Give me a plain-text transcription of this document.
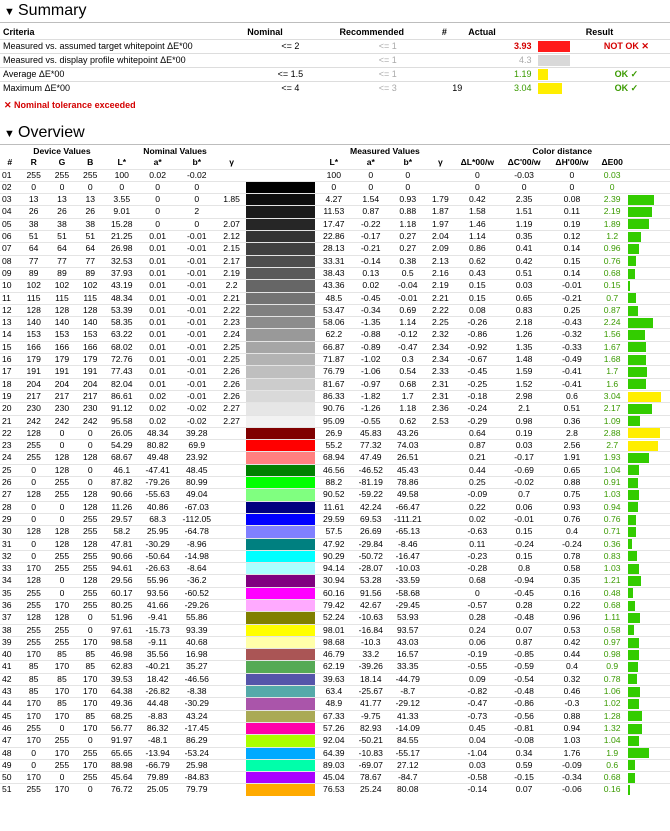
▼ Summary
Criteria	Nominal	Recommended	#	Actual		Result
Measured vs. assumed target whitepoint ΔE*00	<= 2	<= 1		3.93		NOT OK ✕
Measured vs. display profile whitepoint ΔE*00		<= 1		4.3		
Average ΔE*00	<= 1.5	<= 1		1.19		OK ✓
Maximum ΔE*00	<= 4	<= 3	19	3.04		OK ✓
✕ Nominal tolerance exceeded
▼ Overview
	Device Values			Nominal Values					Measured Values				Color distance				
#	R	G	B	L*	a*	b*	γ		L*	a*	b*	γ	ΔL*00/w	ΔC'00/w	ΔH'00/w	ΔE00	
01	255	255	255	100	0.02	-0.02			100	0	0		0	-0.03	0	0.03	

02	0	0	0	0	0	0			0	0	0		0	0	0	0	

03	13	13	13	3.55	0	0	1.85		4.27	1.54	0.93	1.79	0.42	2.35	0.08	2.39	

04	26	26	26	9.01	0	2			11.53	0.87	0.88	1.87	1.58	1.51	0.11	2.19	

05	38	38	38	15.28	0	0	2.07		17.47	-0.22	1.18	1.97	1.46	1.19	0.19	1.89	

06	51	51	51	21.25	0.01	-0.01	2.12		22.86	-0.17	0.27	2.04	1.14	0.35	0.12	1.2	

07	64	64	64	26.98	0.01	-0.01	2.15		28.13	-0.21	0.27	2.09	0.86	0.41	0.14	0.96	

08	77	77	77	32.53	0.01	-0.01	2.17		33.31	-0.14	0.38	2.13	0.62	0.42	0.15	0.76	

09	89	89	89	37.93	0.01	-0.01	2.19		38.43	0.13	0.5	2.16	0.43	0.51	0.14	0.68	

10	102	102	102	43.19	0.01	-0.01	2.2		43.36	0.02	-0.04	2.19	0.15	0.03	-0.01	0.15	

11	115	115	115	48.34	0.01	-0.01	2.21		48.5	-0.45	-0.01	2.21	0.15	0.65	-0.21	0.7	

12	128	128	128	53.39	0.01	-0.01	2.22		53.47	-0.34	0.69	2.22	0.08	0.83	0.25	0.87	

13	140	140	140	58.35	0.01	-0.01	2.23		58.06	-1.35	1.14	2.25	-0.26	2.18	-0.43	2.24	

14	153	153	153	63.22	0.01	-0.01	2.24		62.2	-0.88	-0.12	2.32	-0.86	1.26	-0.32	1.56	

15	166	166	166	68.02	0.01	-0.01	2.25		66.87	-0.89	-0.47	2.34	-0.92	1.35	-0.33	1.67	

16	179	179	179	72.76	0.01	-0.01	2.25		71.87	-1.02	0.3	2.34	-0.67	1.48	-0.49	1.68	

17	191	191	191	77.43	0.01	-0.01	2.26		76.79	-1.06	0.54	2.33	-0.45	1.59	-0.41	1.7	

18	204	204	204	82.04	0.01	-0.01	2.26		81.67	-0.97	0.68	2.31	-0.25	1.52	-0.41	1.6	

19	217	217	217	86.61	0.02	-0.01	2.26		86.33	-1.82	1.7	2.31	-0.18	2.98	0.6	3.04	

20	230	230	230	91.12	0.02	-0.02	2.27		90.76	-1.26	1.18	2.36	-0.24	2.1	0.51	2.17	

21	242	242	242	95.58	0.02	-0.02	2.27		95.09	-0.55	0.62	2.53	-0.29	0.98	0.36	1.09	

22	128	0	0	26.05	48.34	39.28			26.9	45.83	43.26		0.64	0.19	2.8	2.88	

23	255	0	0	54.29	80.82	69.9			55.2	77.32	74.03		0.87	0.03	2.56	2.7	

24	255	128	128	68.67	49.48	23.92			68.94	47.49	26.51		0.21	-0.17	1.91	1.93	

25	0	128	0	46.1	-47.41	48.45			46.56	-46.52	45.43		0.44	-0.69	0.65	1.04	

26	0	255	0	87.82	-79.26	80.99			88.2	-81.19	78.86		0.25	-0.02	0.88	0.91	

27	128	255	128	90.66	-55.63	49.04			90.52	-59.22	49.58		-0.09	0.7	0.75	1.03	

28	0	0	128	11.26	40.86	-67.03			11.61	42.24	-66.47		0.22	0.06	0.93	0.94	

29	0	0	255	29.57	68.3	-112.05			29.59	69.53	-111.21		0.02	-0.01	0.76	0.76	

30	128	128	255	58.2	25.95	-64.78			57.5	26.69	-65.13		-0.63	0.15	0.4	0.71	

31	0	128	128	47.81	-30.29	-8.96			47.92	-29.84	-8.46		0.11	-0.24	-0.24	0.36	

32	0	255	255	90.66	-50.64	-14.98			90.29	-50.72	-16.47		-0.23	0.15	0.78	0.83	

33	170	255	255	94.61	-26.63	-8.64			94.14	-28.07	-10.03		-0.28	0.8	0.58	1.03	

34	128	0	128	29.56	55.96	-36.2			30.94	53.28	-33.59		0.68	-0.94	0.35	1.21	

35	255	0	255	60.17	93.56	-60.52			60.16	91.56	-58.68		0	-0.45	0.16	0.48	

36	255	170	255	80.25	41.66	-29.26			79.42	42.67	-29.45		-0.57	0.28	0.22	0.68	

37	128	128	0	51.96	-9.41	55.86			52.24	-10.63	53.93		0.28	-0.48	0.96	1.11	

38	255	255	0	97.61	-15.73	93.39			98.01	-16.84	93.57		0.24	0.07	0.53	0.58	

39	255	255	170	98.58	-9.11	40.68			98.68	-10.3	43.03		0.06	0.87	0.42	0.97	

40	170	85	85	46.98	35.56	16.98			46.79	33.2	16.57		-0.19	-0.85	0.44	0.98	

41	85	170	85	62.83	-40.21	35.27			62.19	-39.26	33.35		-0.55	-0.59	0.4	0.9	

42	85	85	170	39.53	18.42	-46.56			39.63	18.14	-44.79		0.09	-0.54	0.32	0.78	

43	85	170	170	64.38	-26.82	-8.38			63.4	-25.67	-8.7		-0.82	-0.48	0.46	1.06	

44	170	85	170	49.36	44.48	-30.29			48.9	41.77	-29.12		-0.47	-0.86	-0.3	1.02	

45	170	170	85	68.25	-8.83	43.24			67.33	-9.75	41.33		-0.73	-0.56	0.88	1.28	

46	255	0	170	56.77	86.32	-17.45			57.26	82.93	-14.09		0.45	-0.81	0.94	1.32	

47	170	255	0	91.97	-48.1	86.29			92.04	-50.21	84.55		0.04	-0.08	1.03	1.04	

48	0	170	255	65.65	-13.94	-53.24			64.39	-10.83	-55.17		-1.04	0.34	1.76	1.9	

49	0	255	170	88.98	-66.79	25.98			89.03	-69.07	27.12		0.03	0.59	-0.09	0.6	

50	170	0	255	45.64	79.89	-84.83			45.04	78.67	-84.7		-0.58	-0.15	-0.34	0.68	

51	255	170	0	76.72	25.05	79.79			76.53	25.24	80.08		-0.14	0.07	-0.06	0.16	
